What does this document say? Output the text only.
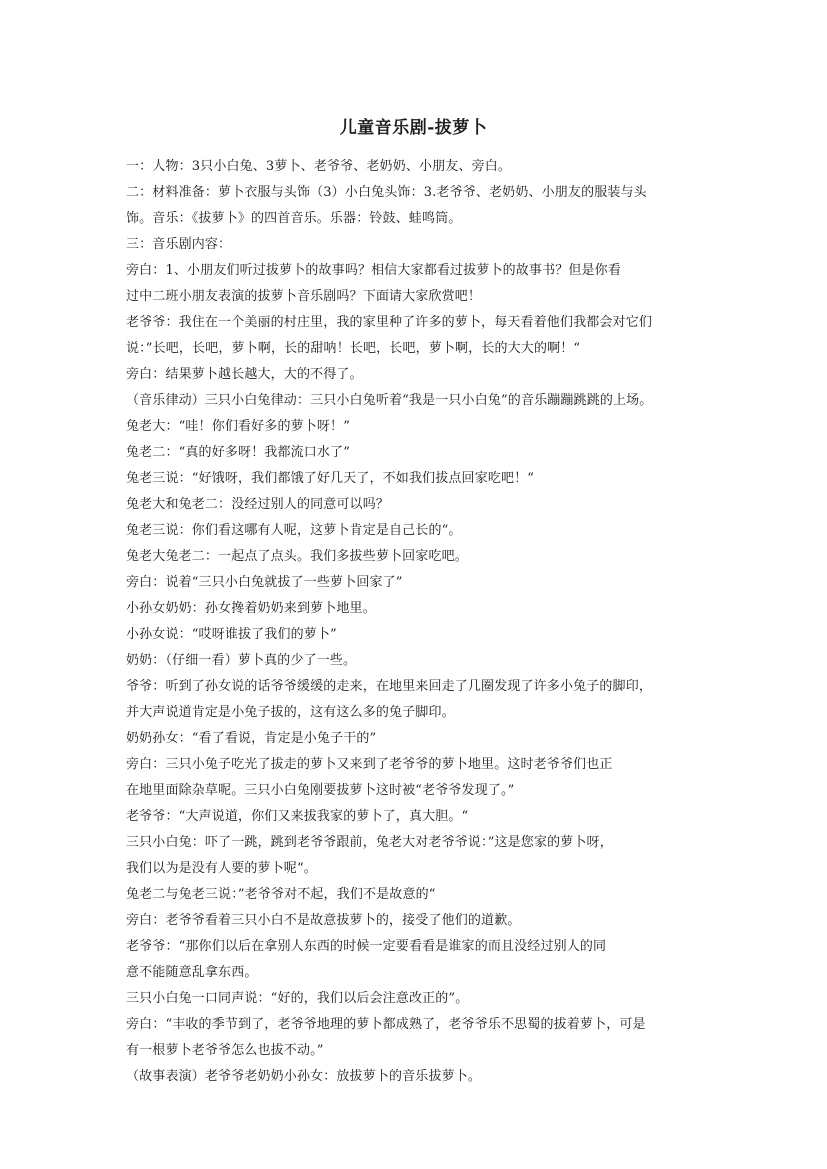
儿童音乐剧-拔萝卜
一：人物：3只小白兔、3萝卜、老爷爷、老奶奶、小朋友、旁白。
二：材料准备：萝卜衣服与头饰（3）小白兔头饰：3.老爷爷、老奶奶、小朋友的服装与头
饰。音乐：《拔萝卜》的四首音乐。乐器：铃鼓、蛙鸣筒。
三：音乐剧内容：
旁白：1、小朋友们听过拔萝卜的故事吗？相信大家都看过拔萝卜的故事书？但是你看
过中二班小朋友表演的拔萝卜音乐剧吗？下面请大家欣赏吧！
老爷爷：我住在一个美丽的村庄里，我的家里种了许多的萝卜，每天看着他们我都会对它们
说：”长吧，长吧，萝卜啊，长的甜呐！长吧，长吧，萝卜啊，长的大大的啊！“
旁白：结果萝卜越长越大，大的不得了。
（音乐律动）三只小白兔律动：三只小白兔听着“我是一只小白兔”的音乐蹦蹦跳跳的上场。
兔老大：“哇！你们看好多的萝卜呀！”
兔老二：“真的好多呀！我都流口水了”
兔老三说：“好饿呀，我们都饿了好几天了，不如我们拔点回家吃吧！“
兔老大和兔老二：没经过别人的同意可以吗？
兔老三说：你们看这哪有人呢，这萝卜肯定是自己长的“。
兔老大兔老二：一起点了点头。我们多拔些萝卜回家吃吧。
旁白：说着“三只小白兔就拔了一些萝卜回家了”
小孙女奶奶：孙女搀着奶奶来到萝卜地里。
小孙女说：“哎呀谁拔了我们的萝卜”
奶奶：（仔细一看）萝卜真的少了一些。
爷爷：听到了孙女说的话爷爷缓缓的走来，在地里来回走了几圈发现了许多小兔子的脚印，
并大声说道肯定是小兔子拔的，这有这么多的兔子脚印。
奶奶孙女：“看了看说，肯定是小兔子干的”
旁白：三只小兔子吃光了拔走的萝卜又来到了老爷爷的萝卜地里。这时老爷爷们也正
在地里面除杂草呢。三只小白兔刚要拔萝卜这时被“老爷爷发现了。”
老爷爷：“大声说道，你们又来拔我家的萝卜了，真大胆。“
三只小白兔：吓了一跳，跳到老爷爷跟前，兔老大对老爷爷说：”这是您家的萝卜呀，
我们以为是没有人要的萝卜呢“。
兔老二与兔老三说：”老爷爷对不起，我们不是故意的“
旁白：老爷爷看着三只小白不是故意拔萝卜的，接受了他们的道歉。
老爷爷：“那你们以后在拿别人东西的时候一定要看看是谁家的而且没经过别人的同
意不能随意乱拿东西。
三只小白兔一口同声说：“好的，我们以后会注意改正的”。
旁白：“丰收的季节到了，老爷爷地理的萝卜都成熟了，老爷爷乐不思蜀的拔着萝卜，可是
有一根萝卜老爷爷怎么也拔不动。”
（故事表演）老爷爷老奶奶小孙女：放拔萝卜的音乐拔萝卜。
